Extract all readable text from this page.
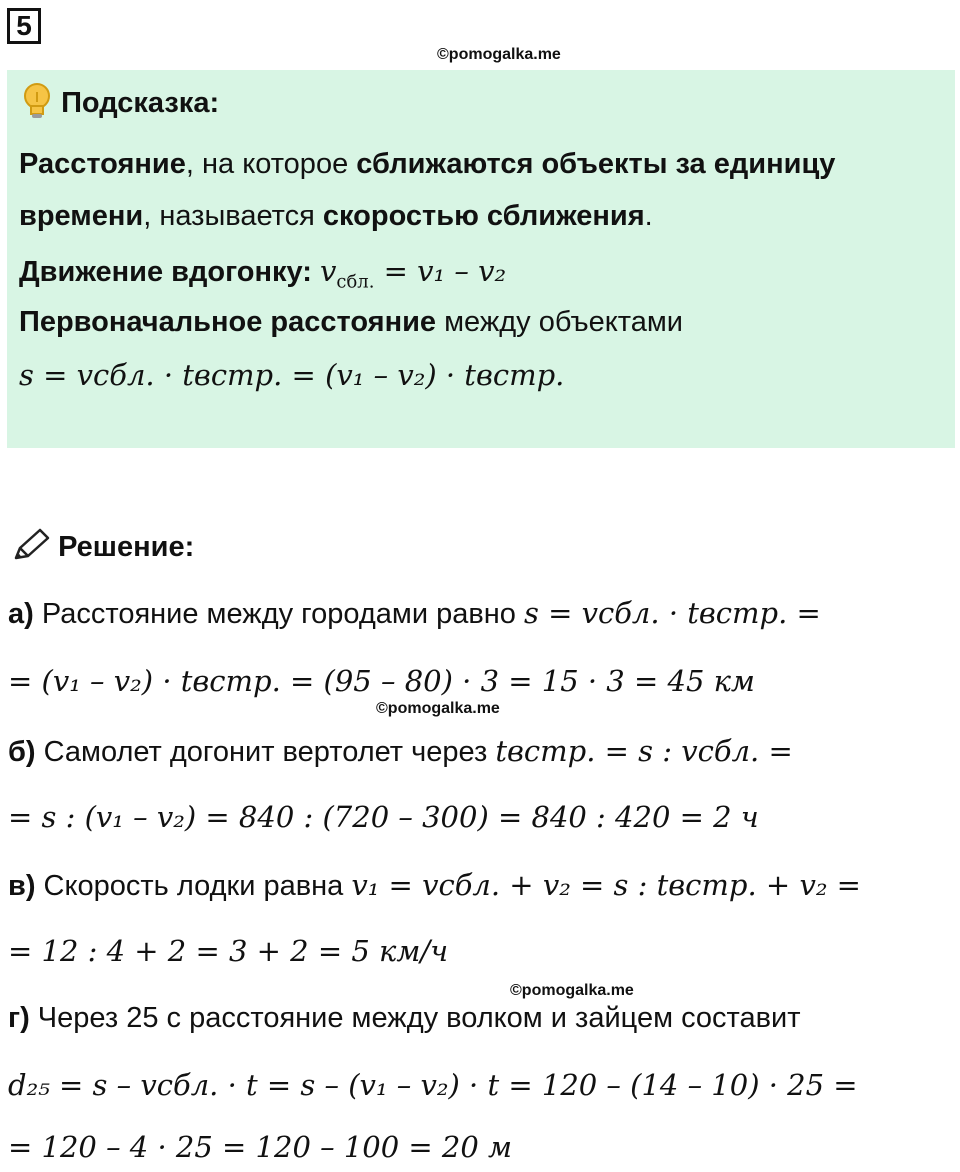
5
©pomogalka.me
Подсказка:
Расстояние, на которое сближаются объекты за единицу
времени, называется скоростью сближения.
Движение вдогонку: $v_{сбл.} = v_1 - v_2$
Первоначальное расстояние между объектами
s = vсбл. · tвстр. = (v₁ – v₂) · tвстр.
Решение:
а) Расстояние между городами равно s = vсбл. · tвстр. =
= (v₁ – v₂) · tвстр. = (95 – 80) · 3 = 15 · 3 = 45 км
©pomogalka.me
б) Самолет догонит вертолет через tвстр. = s : vсбл. =
= s : (v₁ – v₂) = 840 : (720 – 300) = 840 : 420 = 2 ч
в) Скорость лодки равна v₁ = vсбл. + v₂ = s : tвстр. + v₂ =
= 12 : 4 + 2 = 3 + 2 = 5 км/ч
©pomogalka.me
г) Через 25 с расстояние между волком и зайцем составит
d₂₅ = s – vсбл. · t = s – (v₁ – v₂) · t = 120 – (14 – 10) · 25 =
= 120 – 4 · 25 = 120 – 100 = 20 м
